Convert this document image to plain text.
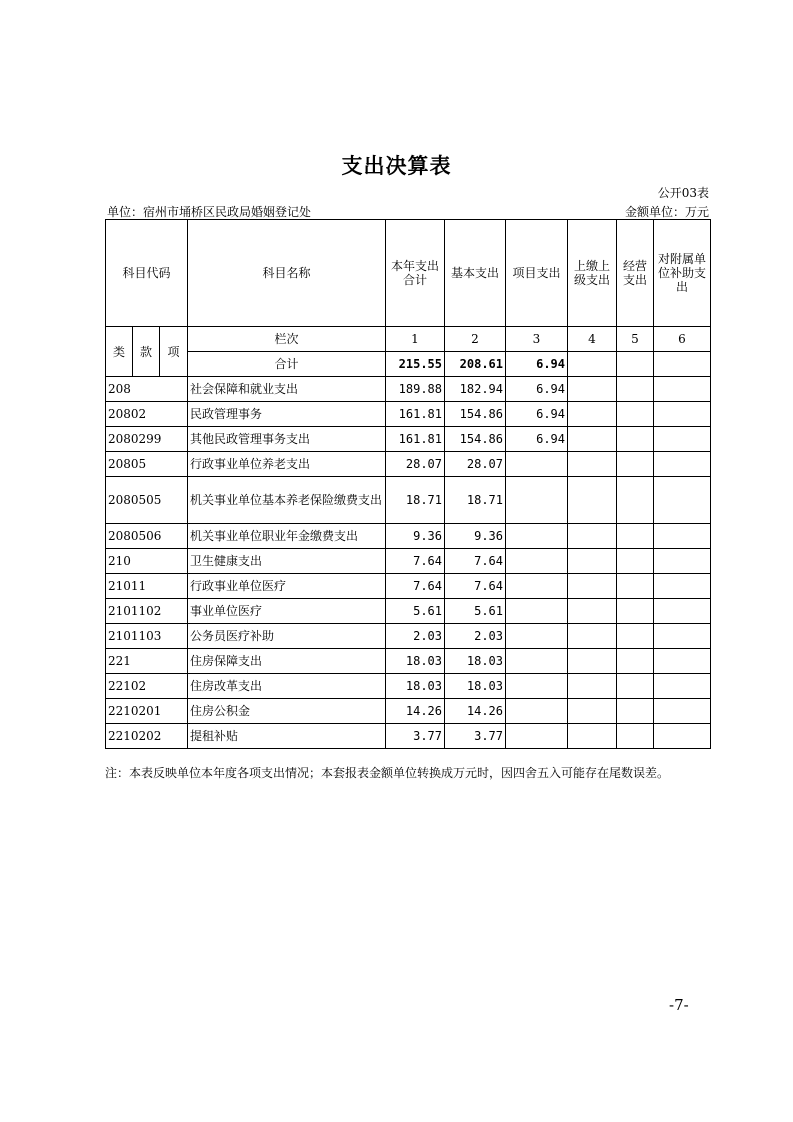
支出决算表
公开03表
单位：宿州市埇桥区民政局婚姻登记处	金额单位：万元
科目代码			科目名称	本年支出合计	基本支出	项目支出	上缴上级支出	经营支出	对附属单位补助支出
类	款	项	栏次	1	2	3	4	5	6
			合计	215.55	208.61	6.94			
208			社会保障和就业支出	189.88	182.94	6.94			
20802			民政管理事务	161.81	154.86	6.94			
2080299			其他民政管理事务支出	161.81	154.86	6.94			
20805			行政事业单位养老支出	28.07	28.07				
2080505			机关事业单位基本养老保险缴费支出	18.71	18.71				
2080506			机关事业单位职业年金缴费支出	9.36	9.36				
210			卫生健康支出	7.64	7.64				
21011			行政事业单位医疗	7.64	7.64				
2101102			事业单位医疗	5.61	5.61				
2101103			公务员医疗补助	2.03	2.03				
221			住房保障支出	18.03	18.03				
22102			住房改革支出	18.03	18.03				
2210201			住房公积金	14.26	14.26				
2210202			提租补贴	3.77	3.77				
注：本表反映单位本年度各项支出情况；本套报表金额单位转换成万元时，因四舍五入可能存在尾数误差。
-7-
